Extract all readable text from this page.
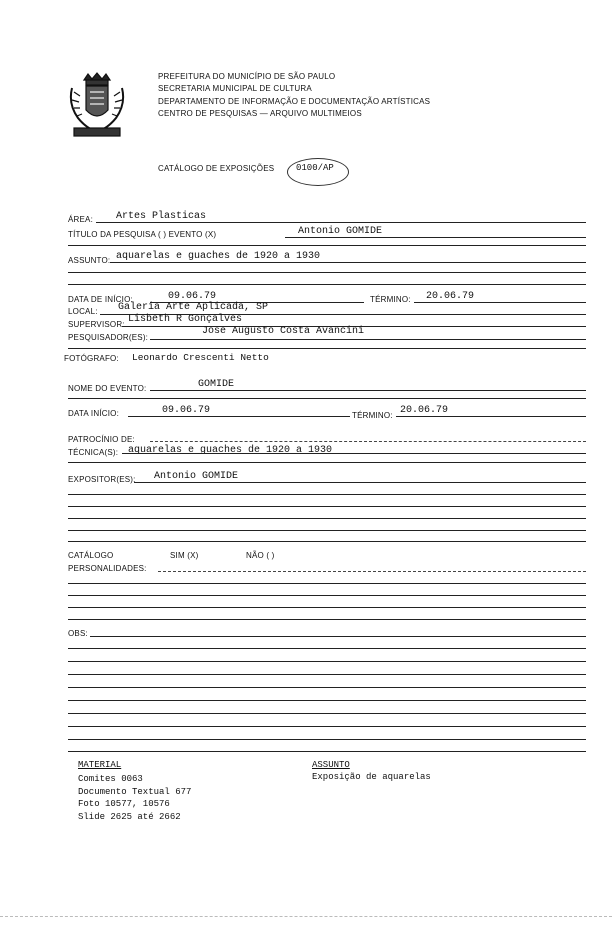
PREFEITURA DO MUNICÍPIO DE SÃO PAULO
SECRETARIA MUNICIPAL DE CULTURA
DEPARTAMENTO DE INFORMAÇÃO E DOCUMENTAÇÃO ARTÍSTICAS
CENTRO DE PESQUISAS — ARQUIVO MULTIMEIOS
CATÁLOGO DE EXPOSIÇÕES 0100/AP
ÁREA: Artes Plasticas
TÍTULO DA PESQUISA ( ) EVENTO (X)	Antonio GOMIDE
ASSUNTO: aquarelas e guaches de 1920 a 1930
DATA DE INÍCIO:	09.06.79	TÉRMINO: 20.06.79
LOCAL: Galeria Arte Aplicada, SP
SUPERVISOR: Lisbeth R Gonçalves
PESQUISADOR(ES):
Jose Augusto Costa Avancini
FOTÓGRAFO: Leonardo Crescenti Netto
NOME DO EVENTO:	GOMIDE
DATA INÍCIO:	09.06.79	TÉRMINO: 20.06.79
PATROCÍNIO DE:
TÉCNICA(S): aquarelas e guaches de 1920 a 1930
EXPOSITOR(ES): Antonio GOMIDE
CATÁLOGO	SIM (X)	NÃO ( )
PERSONALIDADES:
OBS:
MATERIAL
Comites 0063
Documento Textual 677
Foto 10577, 10576
Slide 2625 até 2662
ASSUNTO
Exposição de aquarelas
